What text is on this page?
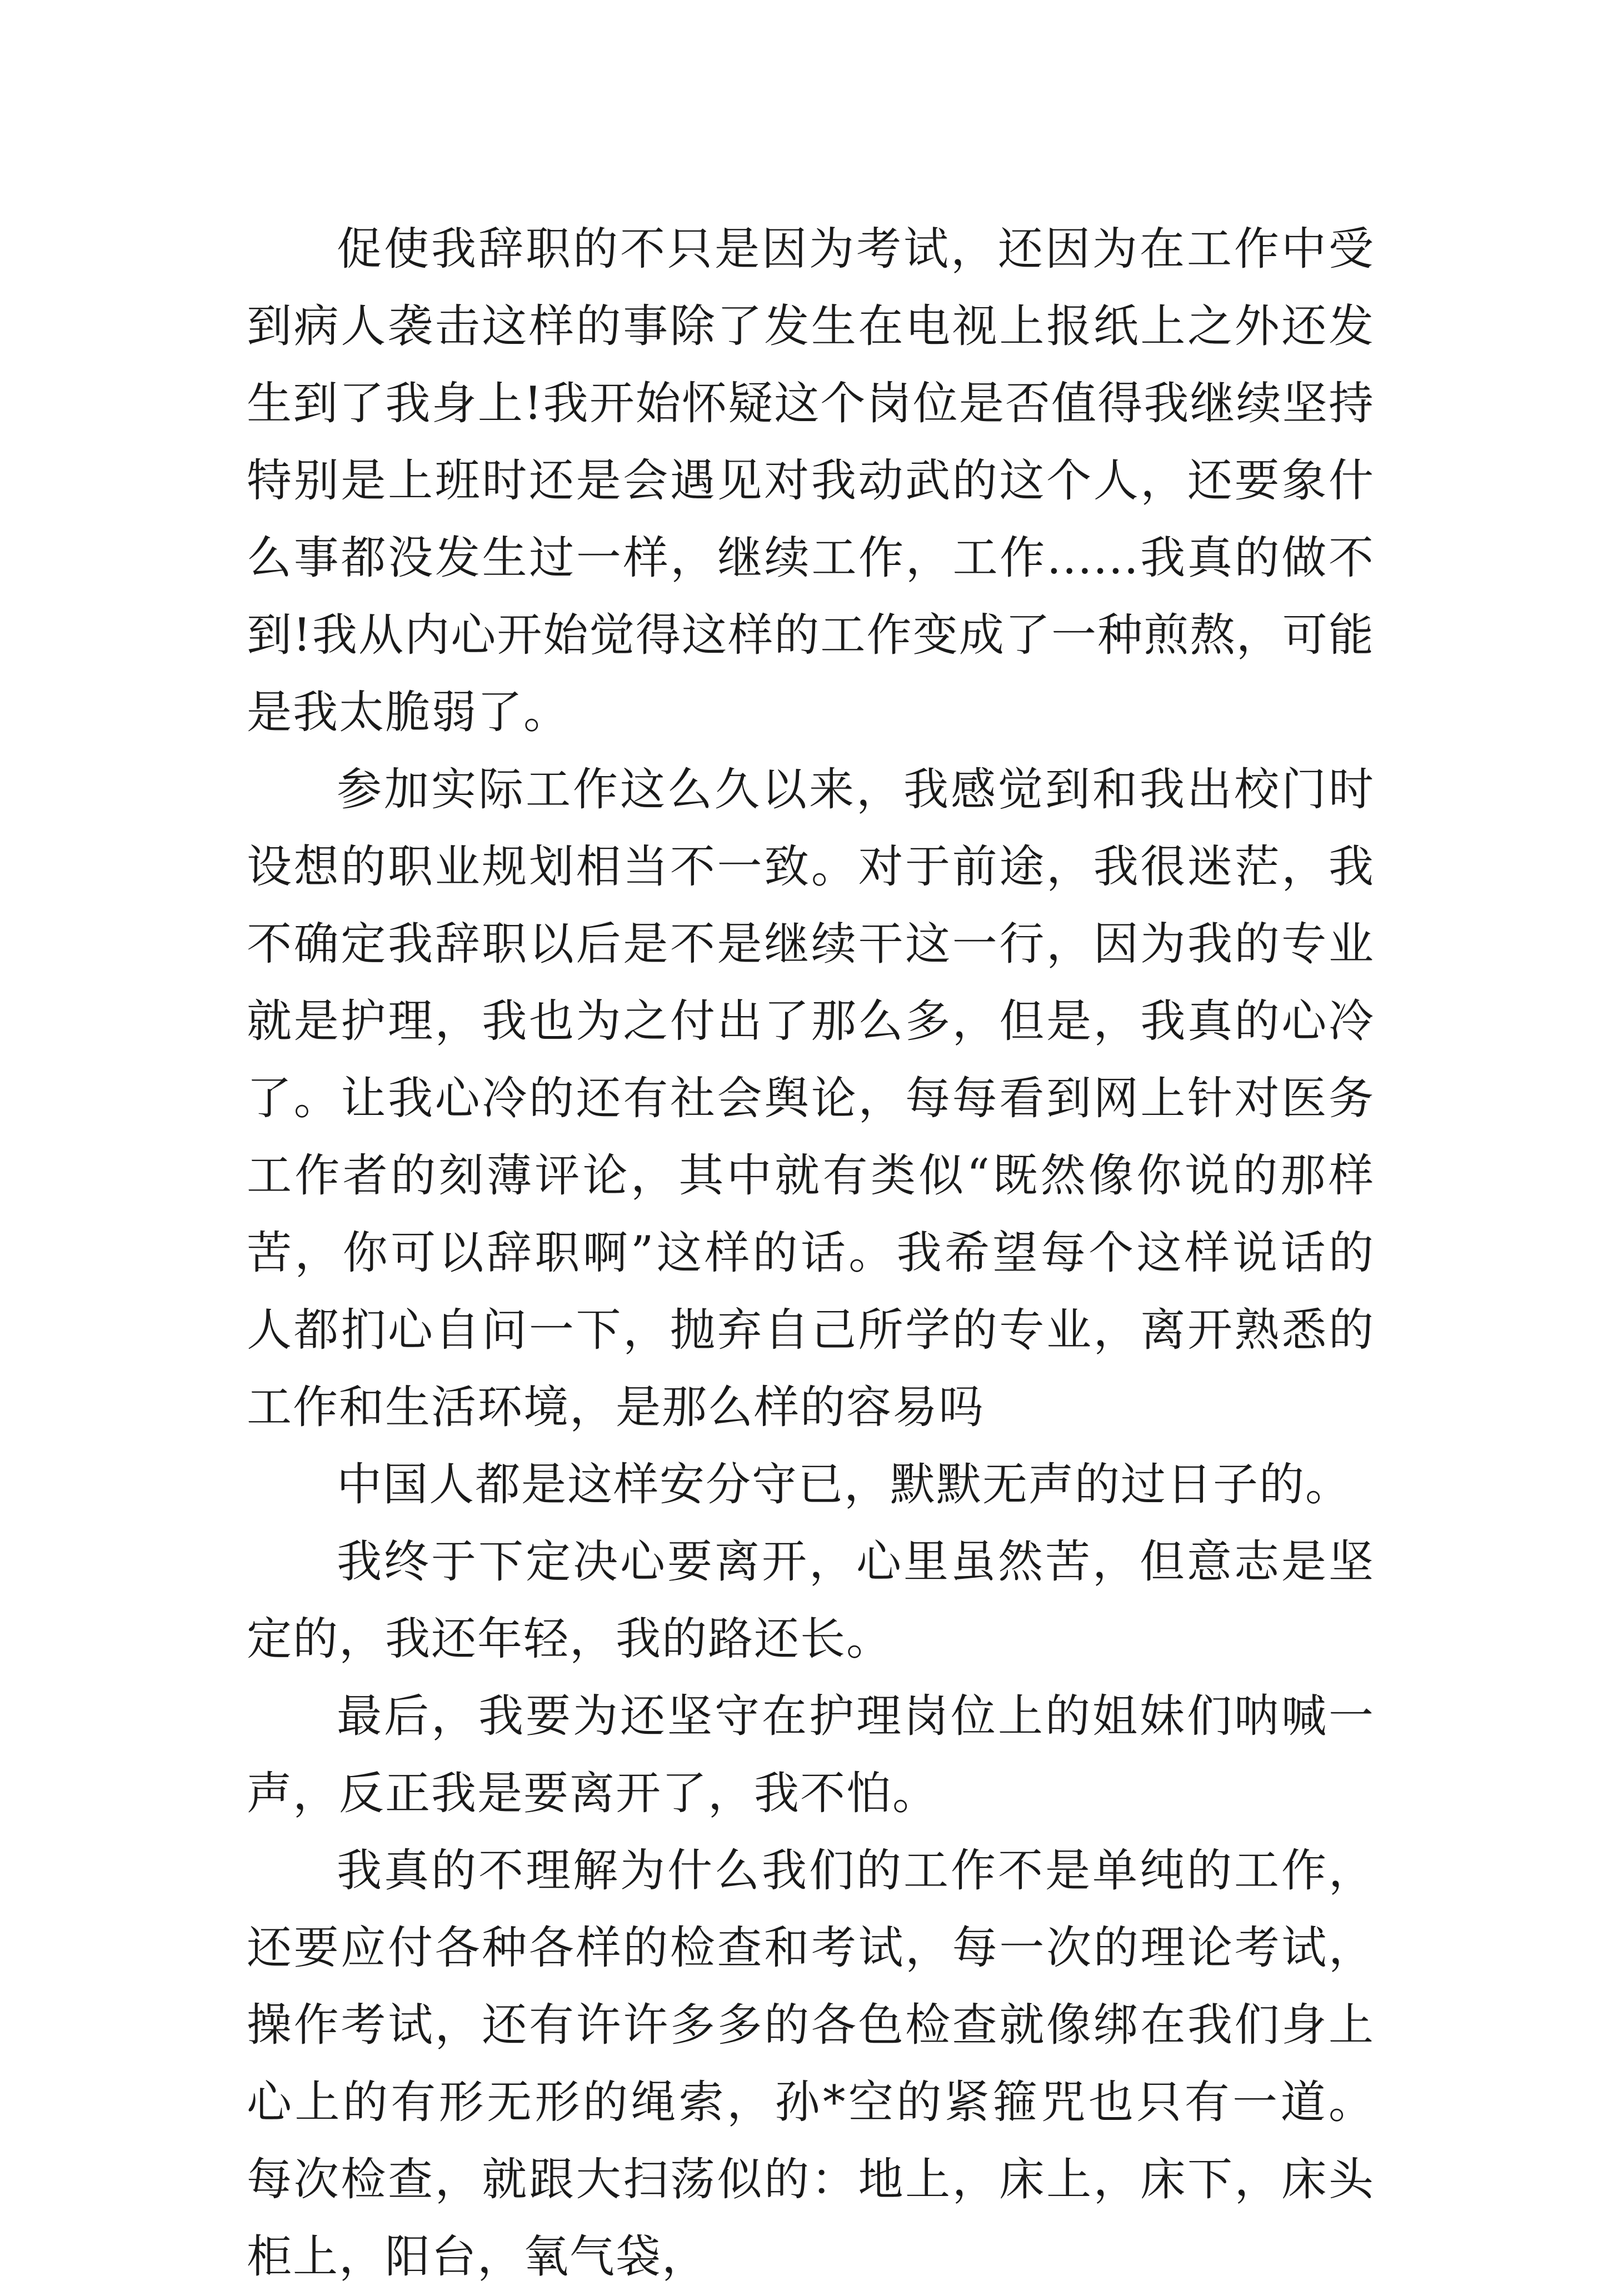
促使我辞职的不只是因为考试，还因为在工作中受到病人袭击这样的事除了发生在电视上报纸上之外还发生到了我身上!我开始怀疑这个岗位是否值得我继续坚持特别是上班时还是会遇见对我动武的这个人，还要象什么事都没发生过一样，继续工作，工作......我真的做不到!我从内心开始觉得这样的工作变成了一种煎熬，可能是我太脆弱了。

参加实际工作这么久以来，我感觉到和我出校门时设想的职业规划相当不一致。对于前途，我很迷茫，我不确定我辞职以后是不是继续干这一行，因为我的专业就是护理，我也为之付出了那么多，但是，我真的心冷了。让我心冷的还有社会舆论，每每看到网上针对医务工作者的刻薄评论，其中就有类似“既然像你说的那样苦，你可以辞职啊”这样的话。我希望每个这样说话的人都扪心自问一下，抛弃自己所学的专业，离开熟悉的工作和生活环境，是那么样的容易吗

中国人都是这样安分守已，默默无声的过日子的。

我终于下定决心要离开，心里虽然苦，但意志是坚定的，我还年轻，我的路还长。

最后，我要为还坚守在护理岗位上的姐妹们呐喊一声，反正我是要离开了，我不怕。

我真的不理解为什么我们的工作不是单纯的工作，还要应付各种各样的检查和考试，每一次的理论考试，操作考试，还有许许多多的各色检查就像绑在我们身上心上的有形无形的绳索，孙*空的紧箍咒也只有一道。每次检查，就跟大扫荡似的：地上，床上，床下，床头柜上，阳台，氧气袋，
